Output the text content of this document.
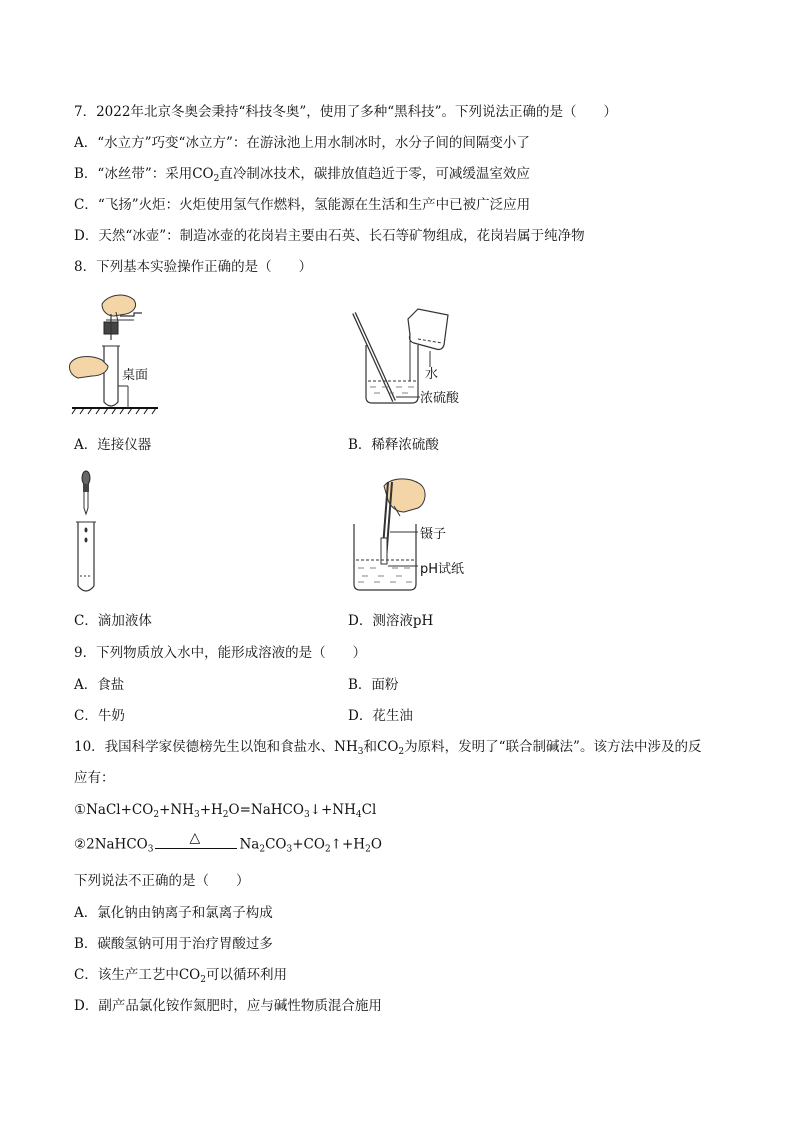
7．2022年北京冬奥会秉持“科技冬奥”，使用了多种“黑科技”。下列说法正确的是（　　）
A．“水立方”巧变“冰立方”：在游泳池上用水制冰时，水分子间的间隔变小了
B．“冰丝带”：采用$CO_2$直冷制冰技术，碳排放值趋近于零，可减缓温室效应
C．“飞扬”火炬：火炬使用氢气作燃料，氢能源在生活和生产中已被广泛应用
D．天然“冰壶”：制造冰壶的花岗岩主要由石英、长石等矿物组成，花岗岩属于纯净物
8．下列基本实验操作正确的是（　　）
桌面	水
浓硫酸
A．连接仪器	B．稀释浓硫酸
镊子
pH试纸
C．滴加液体	D．测溶液pH
9．下列物质放入水中，能形成溶液的是（　　）
A．食盐	B．面粉
C．牛奶	D．花生油
10．我国科学家侯德榜先生以饱和食盐水、$NH_3$和$CO_2$为原料，发明了“联合制碱法”。该方法中涉及的反
应有：
$①NaCl+CO_2+NH_3+H_2O=NaHCO_3↓+NH_4Cl$
②2NaHCO$_3$
△	$Na_2CO_3+CO_2↑+H_2O$
下列说法不正确的是（　　）
A．氯化钠由钠离子和氯离子构成
B．碳酸氢钠可用于治疗胃酸过多
C．该生产工艺中$CO_2$可以循环利用
D．副产品氯化铵作氮肥时，应与碱性物质混合施用
